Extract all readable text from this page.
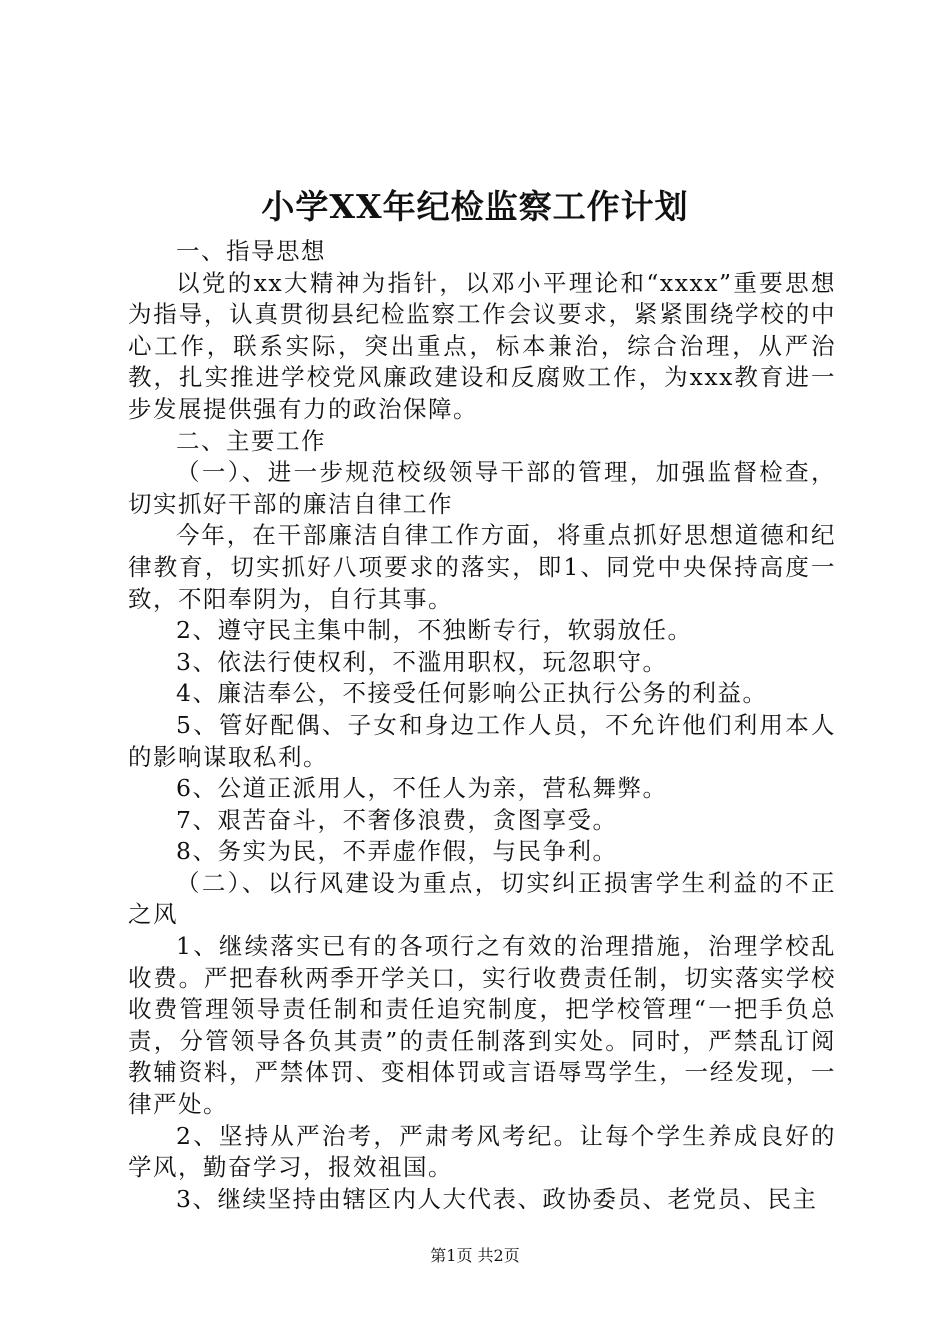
小学XX年纪检监察工作计划

一、指导思想

以党的xx大精神为指针，以邓小平理论和“xxxx”重要思想为指导，认真贯彻县纪检监察工作会议要求，紧紧围绕学校的中心工作，联系实际，突出重点，标本兼治，综合治理，从严治教，扎实推进学校党风廉政建设和反腐败工作，为xxx教育进一步发展提供强有力的政治保障。

二、主要工作

（一）、进一步规范校级领导干部的管理，加强监督检查，切实抓好干部的廉洁自律工作

今年，在干部廉洁自律工作方面，将重点抓好思想道德和纪律教育，切实抓好八项要求的落实，即1、同党中央保持高度一致，不阳奉阴为，自行其事。

2、遵守民主集中制，不独断专行，软弱放任。

3、依法行使权利，不滥用职权，玩忽职守。

4、廉洁奉公，不接受任何影响公正执行公务的利益。

5、管好配偶、子女和身边工作人员，不允许他们利用本人的影响谋取私利。

6、公道正派用人，不任人为亲，营私舞弊。

7、艰苦奋斗，不奢侈浪费，贪图享受。

8、务实为民，不弄虚作假，与民争利。

（二）、以行风建设为重点，切实纠正损害学生利益的不正之风

1、继续落实已有的各项行之有效的治理措施，治理学校乱收费。严把春秋两季开学关口，实行收费责任制，切实落实学校收费管理领导责任制和责任追究制度，把学校管理“一把手负总责，分管领导各负其责”的责任制落到实处。同时，严禁乱订阅教辅资料，严禁体罚、变相体罚或言语辱骂学生，一经发现，一律严处。

2、坚持从严治考，严肃考风考纪。让每个学生养成良好的学风，勤奋学习，报效祖国。

3、继续坚持由辖区内人大代表、政协委员、老党员、民主

第1页 共2页
